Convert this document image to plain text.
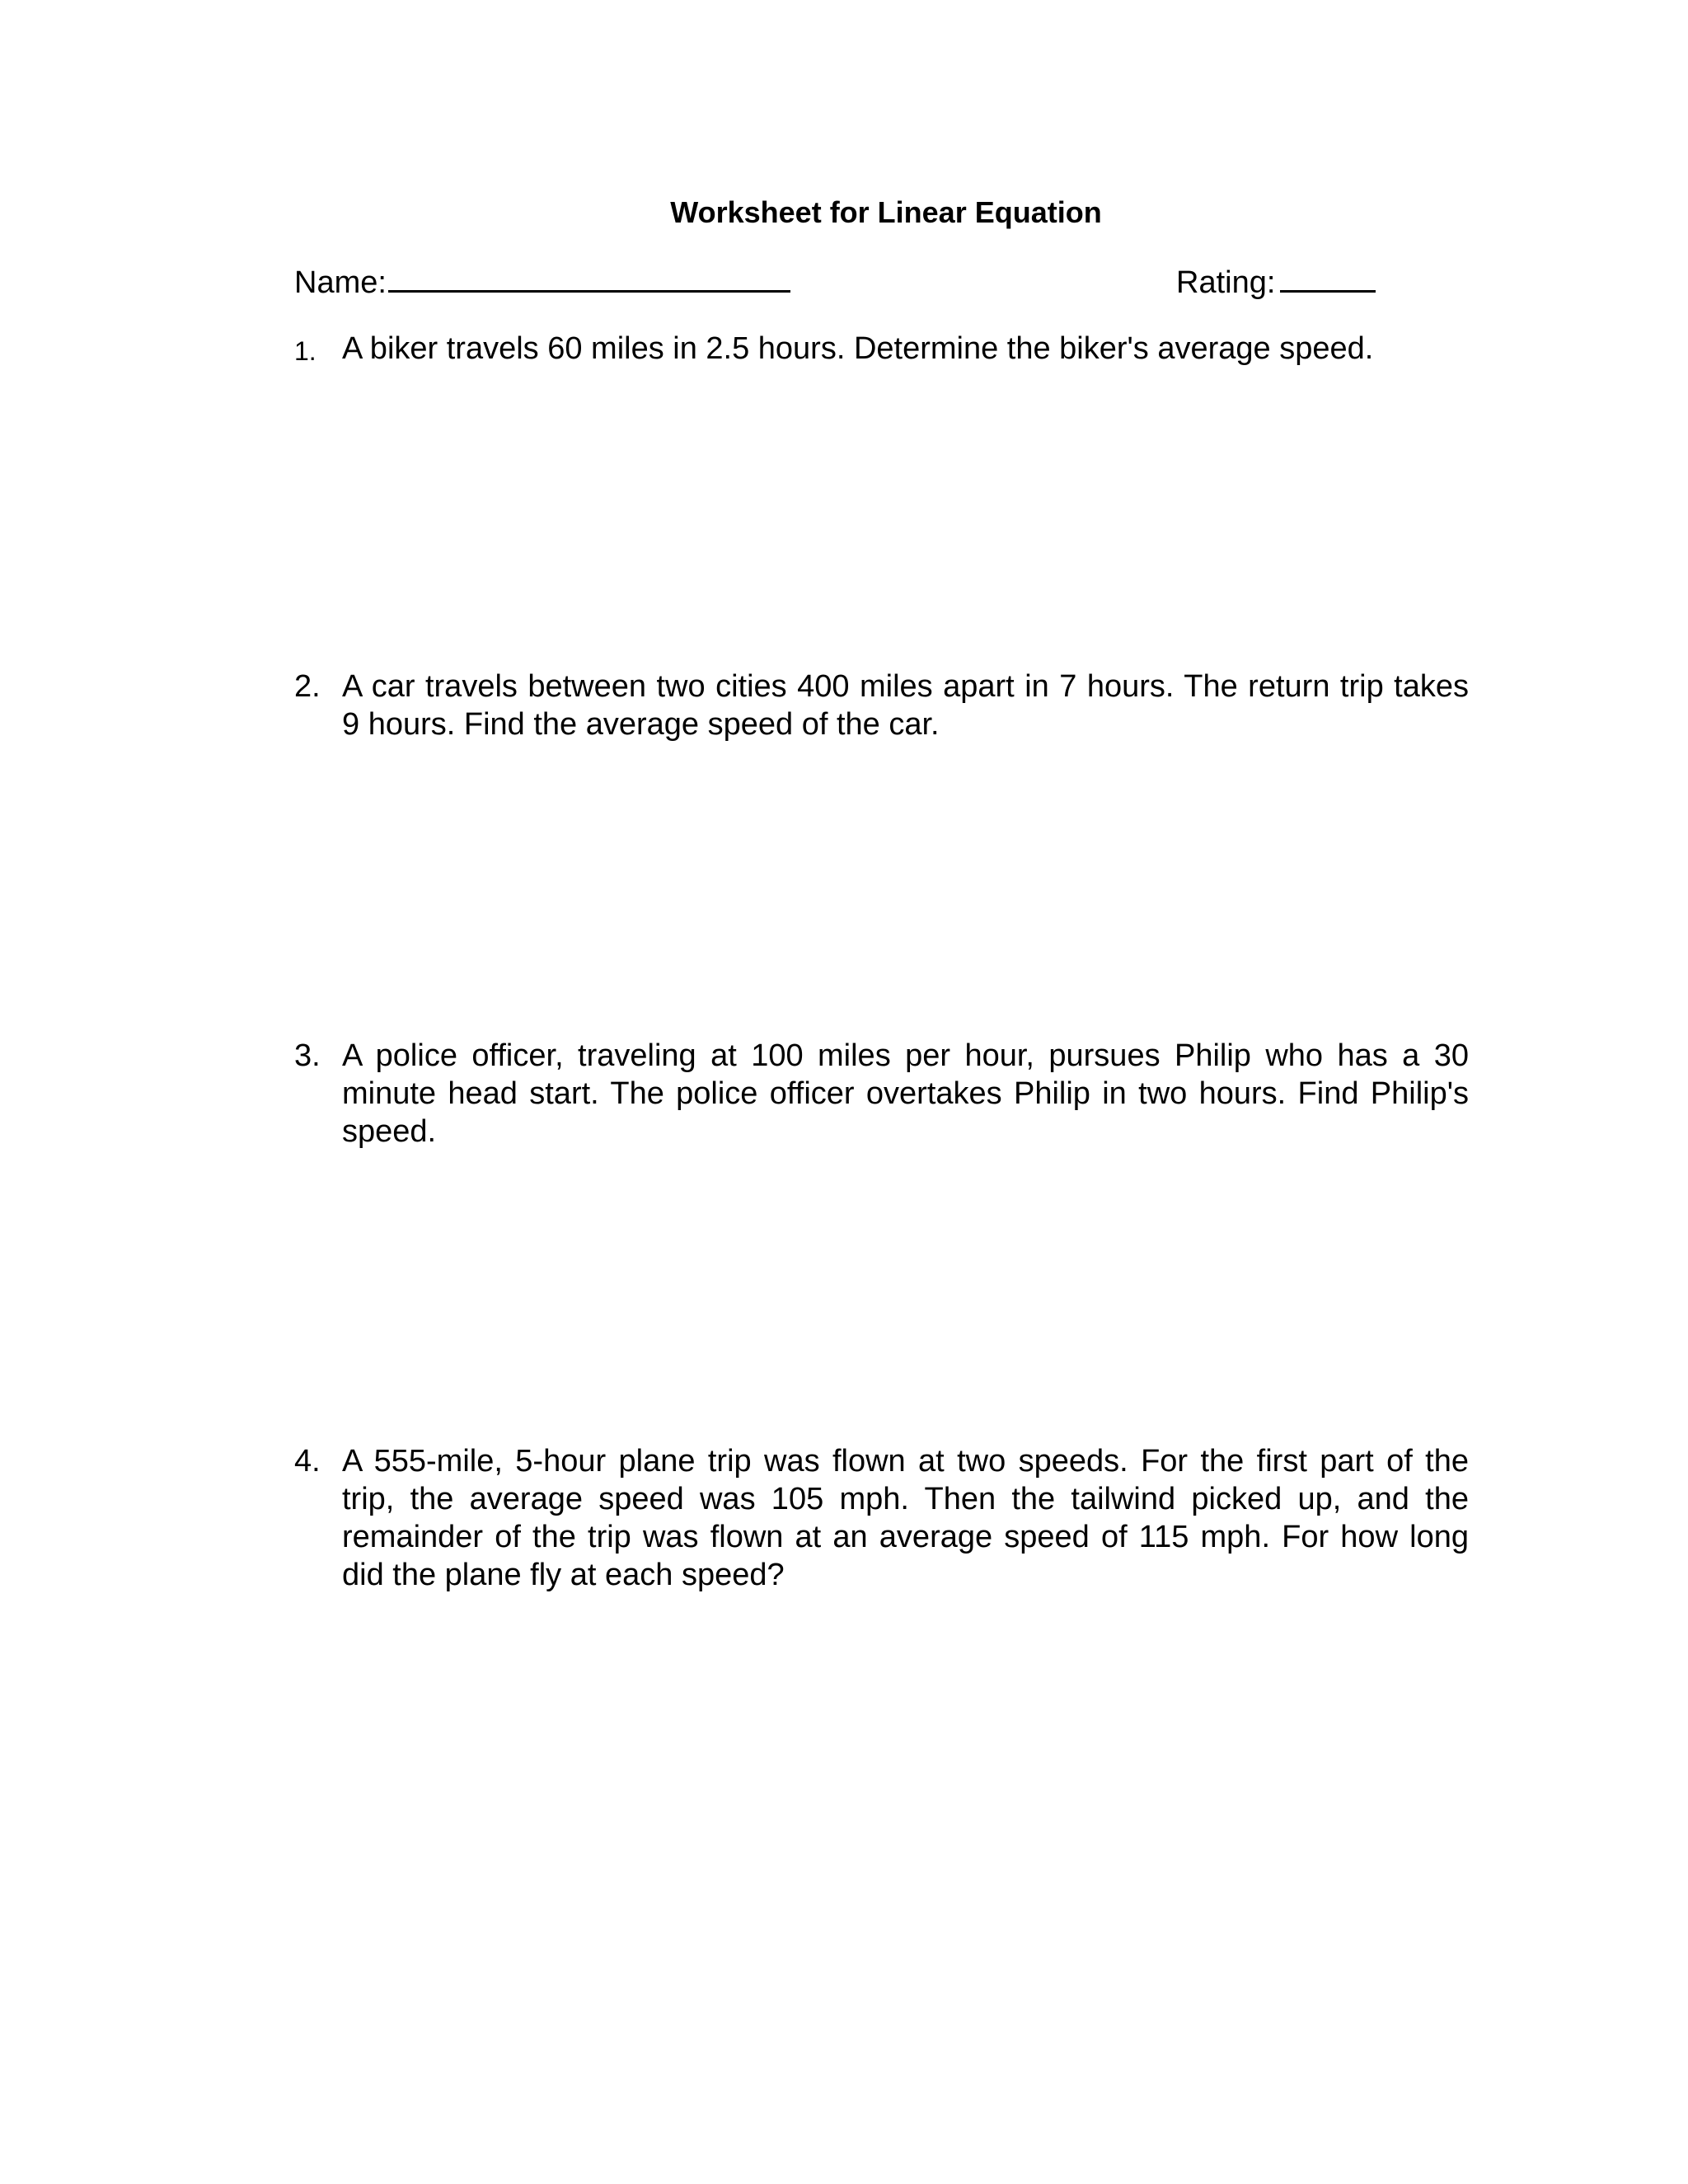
Worksheet for Linear Equation
Name:	Rating:
1. A biker travels 60 miles in 2.5 hours. Determine the biker's average speed.
2. A car travels between two cities 400 miles apart in 7 hours. The return trip takes 9 hours. Find the average speed of the car.
3. A police officer, traveling at 100 miles per hour, pursues Philip who has a 30 minute head start. The police officer overtakes Philip in two hours. Find Philip's speed.
4. A 555-mile, 5-hour plane trip was flown at two speeds. For the first part of the trip, the average speed was 105 mph. Then the tailwind picked up, and the remainder of the trip was flown at an average speed of 115 mph. For how long did the plane fly at each speed?
